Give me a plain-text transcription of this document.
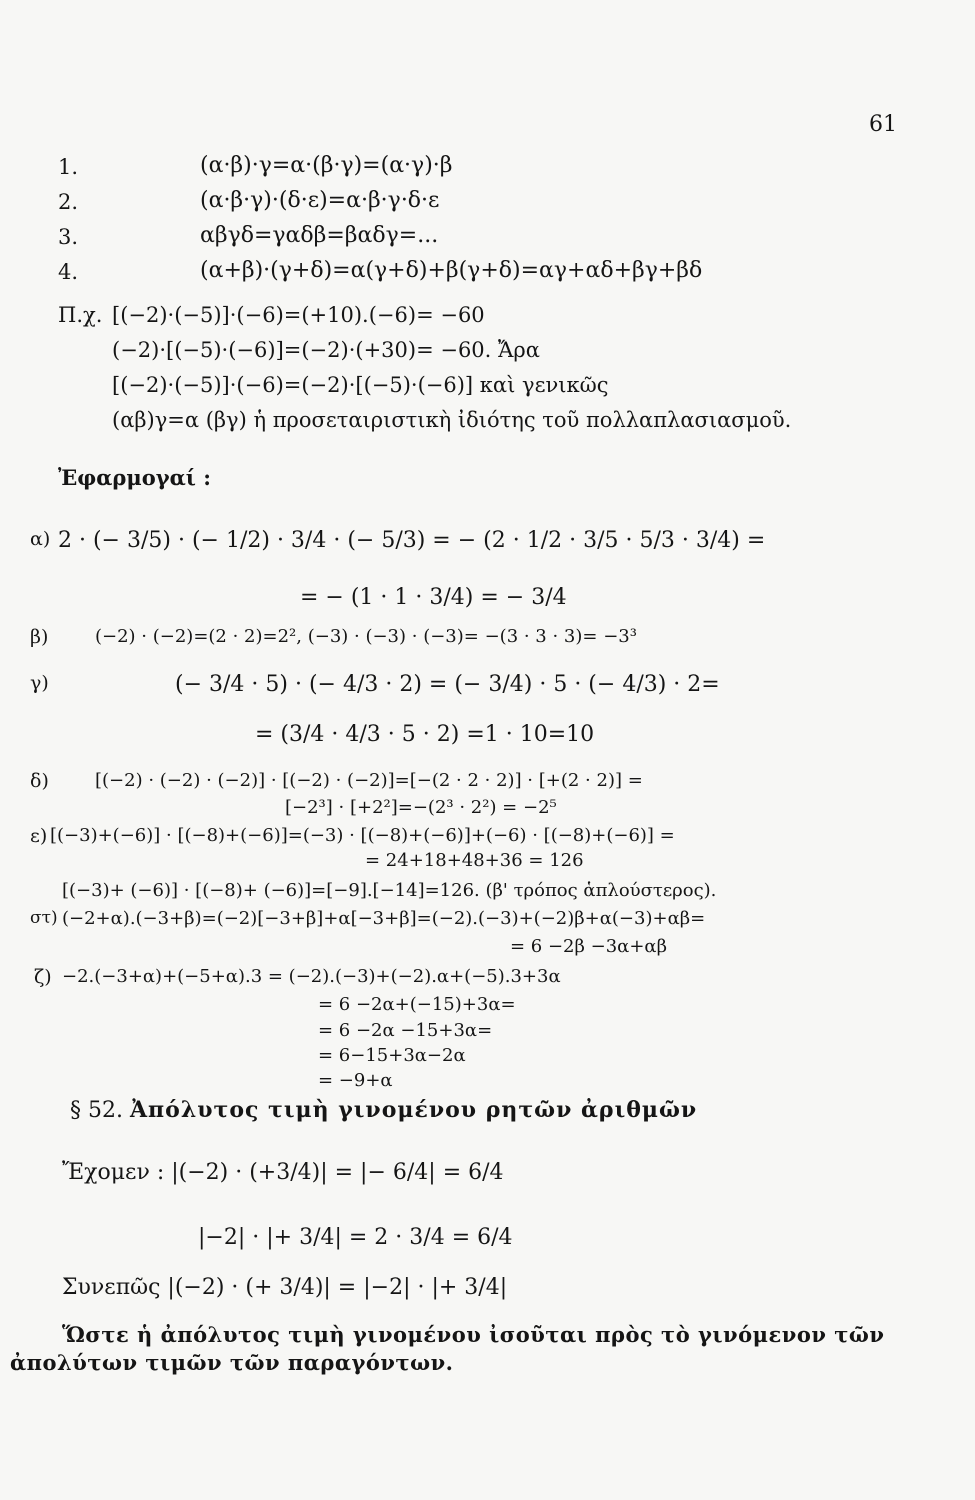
61
1.	(α·β)·γ=α·(β·γ)=(α·γ)·β
2.	(α·β·γ)·(δ·ε)=α·β·γ·δ·ε
3.	αβγδ=γαδβ=βαδγ=...
4.	(α+β)·(γ+δ)=α(γ+δ)+β(γ+δ)=αγ+αδ+βγ+βδ
Π.χ. [(−2)·(−5)]·(−6)=(+10).(−6)= −60
(−2)·[(−5)·(−6)]=(−2)·(+30)= −60. Ἄρα
[(−2)·(−5)]·(−6)=(−2)·[(−5)·(−6)] καὶ γενικῶς
(αβ)γ=α (βγ) ἡ προσεταιριστικὴ ἰδιότης τοῦ πολλαπλασιασμοῦ.
Ἐφαρμογαί :
α) 2 · (− 3/5) · (− 1/2) · 3/4 · (− 5/3) = − (2 · 1/2 · 3/5 · 5/3 · 3/4) =
= − (1 · 1 · 3/4) = − 3/4
β)	(−2) · (−2)=(2 · 2)=2², (−3) · (−3) · (−3)= −(3 · 3 · 3)= −3³
γ)	(− 3/4 · 5) · (− 4/3 · 2) = (− 3/4) · 5 · (− 4/3) · 2=
= (3/4 · 4/3 · 5 · 2) =1 · 10=10
δ)	[(−2) · (−2) · (−2)] · [(−2) · (−2)]=[−(2 · 2 · 2)] · [+(2 · 2)] =
[−2³] · [+2²]=−(2³ · 2²) = −2⁵
ε) [(−3)+(−6)] · [(−8)+(−6)]=(−3) · [(−8)+(−6)]+(−6) · [(−8)+(−6)] =
= 24+18+48+36 = 126
[(−3)+ (−6)] · [(−8)+ (−6)]=[−9].[−14]=126. (β' τρόπος ἁπλούστερος).
στ) (−2+α).(−3+β)=(−2)[−3+β]+α[−3+β]=(−2).(−3)+(−2)β+α(−3)+αβ=
= 6 −2β −3α+αβ
ζ) −2.(−3+α)+(−5+α).3 = (−2).(−3)+(−2).α+(−5).3+3α
= 6 −2α+(−15)+3α=
= 6 −2α −15+3α=
= 6−15+3α−2α
= −9+α
§ 52. Ἀπόλυτος τιμὴ γινομένου ρητῶν ἀριθμῶν
Ἔχομεν : |(−2) · (+3/4)| = |− 6/4| = 6/4
|−2| · |+ 3/4| = 2 · 3/4 = 6/4
Συνεπῶς |(−2) · (+ 3/4)| = |−2| · |+ 3/4|
Ὥστε ἡ ἀπόλυτος τιμὴ γινομένου ἰσοῦται πρὸς τὸ γινόμενον τῶν
ἀπολύτων τιμῶν τῶν παραγόντων.
